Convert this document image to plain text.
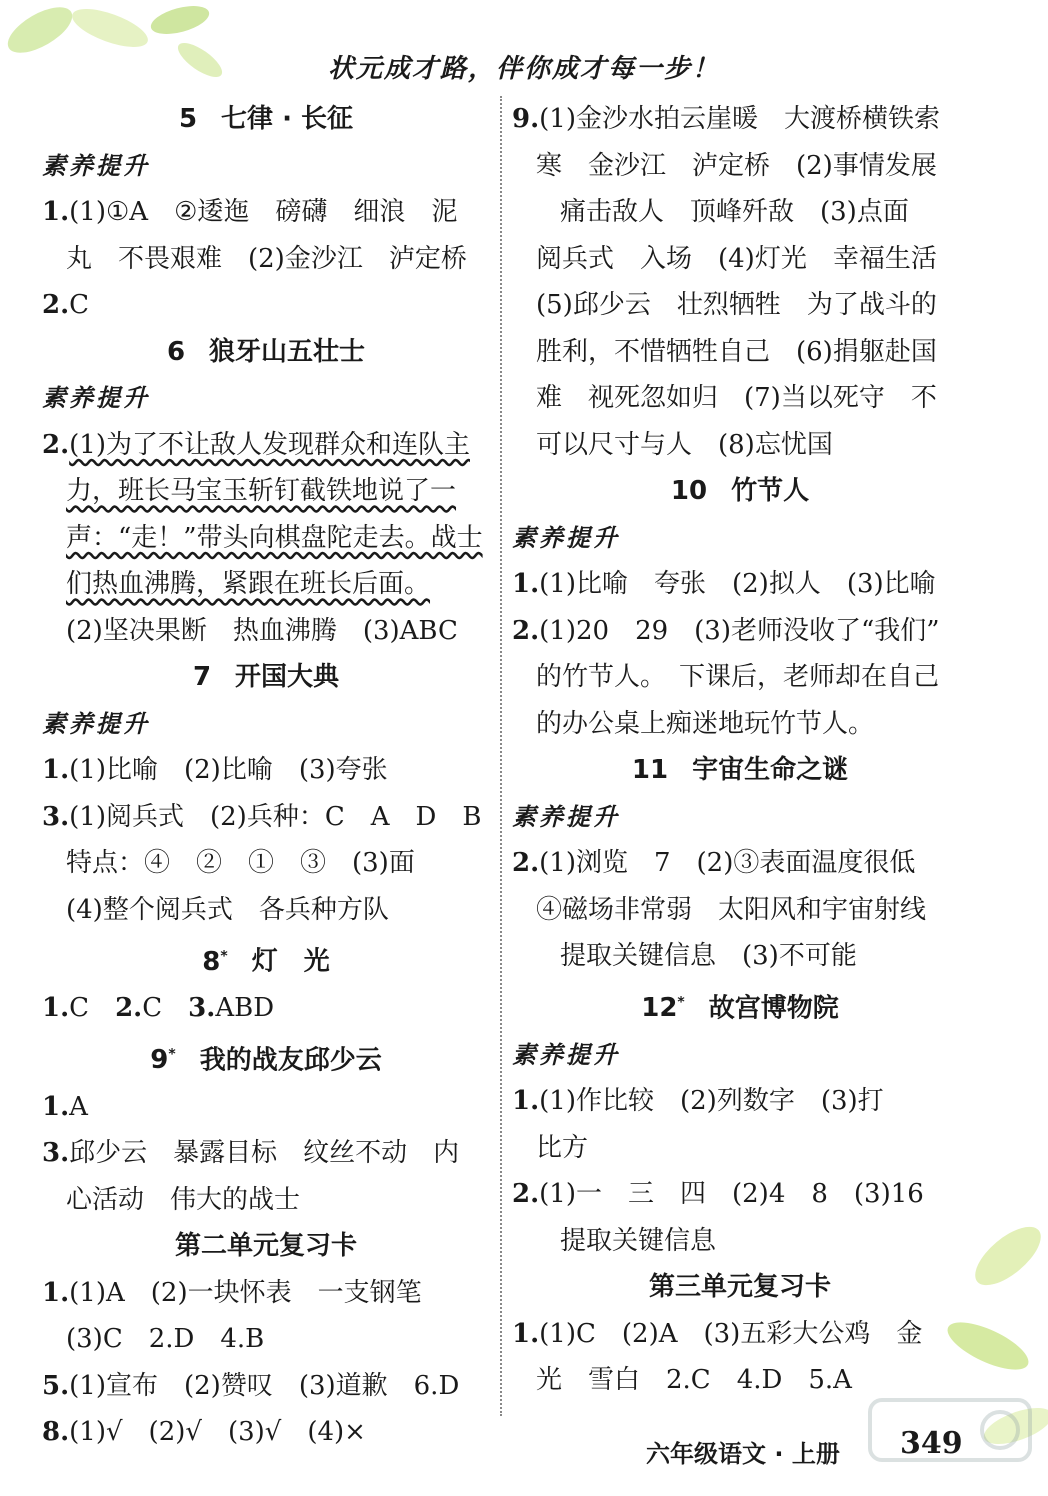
状元成才路，伴你成才每一步！
5 七律 · 长征
素养提升
1.(1)①A　②逶迤　磅礴　细浪　泥
丸　不畏艰难　(2)金沙江　泸定桥
2.C
6 狼牙山五壮士
素养提升
2.(1)为了不让敌人发现群众和连队主
力，班长马宝玉斩钉截铁地说了一
声：“走！”带头向棋盘陀走去。战士
们热血沸腾，紧跟在班长后面。
(2)坚决果断　热血沸腾　(3)ABC
7 开国大典
素养提升
1.(1)比喻　(2)比喻　(3)夸张
3.(1)阅兵式　(2)兵种：C　A　D　B
特点：④　②　①　③　(3)面
(4)整个阅兵式　各兵种方队
8* 灯　光
1.C　 2.C　 3.ABD
9* 我的战友邱少云
1.A
3.邱少云　暴露目标　纹丝不动　内
心活动　伟大的战士
第二单元复习卡
1.(1)A　(2)一块怀表　一支钢笔
(3)C　2.D　4.B
5.(1)宣布　(2)赞叹　(3)道歉　6.D
8.(1)√　(2)√　(3)√　(4)×
9.(1)金沙水拍云崖暖　大渡桥横铁索
寒　金沙江　泸定桥　(2)事情发展
痛击敌人　顶峰歼敌　(3)点面
阅兵式　入场　(4)灯光　幸福生活
(5)邱少云　壮烈牺牲　为了战斗的
胜利，不惜牺牲自己　(6)捐躯赴国
难　视死忽如归　(7)当以死守　不
可以尺寸与人　(8)忘忧国
10 竹节人
素养提升
1.(1)比喻　夸张　(2)拟人　(3)比喻
2.(1)20　29　(3)老师没收了“我们”
的竹节人。　下课后，老师却在自己
的办公桌上痴迷地玩竹节人。
11 宇宙生命之谜
素养提升
2.(1)浏览　7　(2)③表面温度很低
④磁场非常弱　太阳风和宇宙射线
提取关键信息　(3)不可能
12* 故宫博物院
素养提升
1.(1)作比较　(2)列数字　(3)打
比方
2.(1)一　三　四　(2)4　8　(3)16
提取关键信息
第三单元复习卡
1.(1)C　(2)A　(3)五彩大公鸡　金
光　雪白　2.C　4.D　5.A
六年级语文 · 上册 349
